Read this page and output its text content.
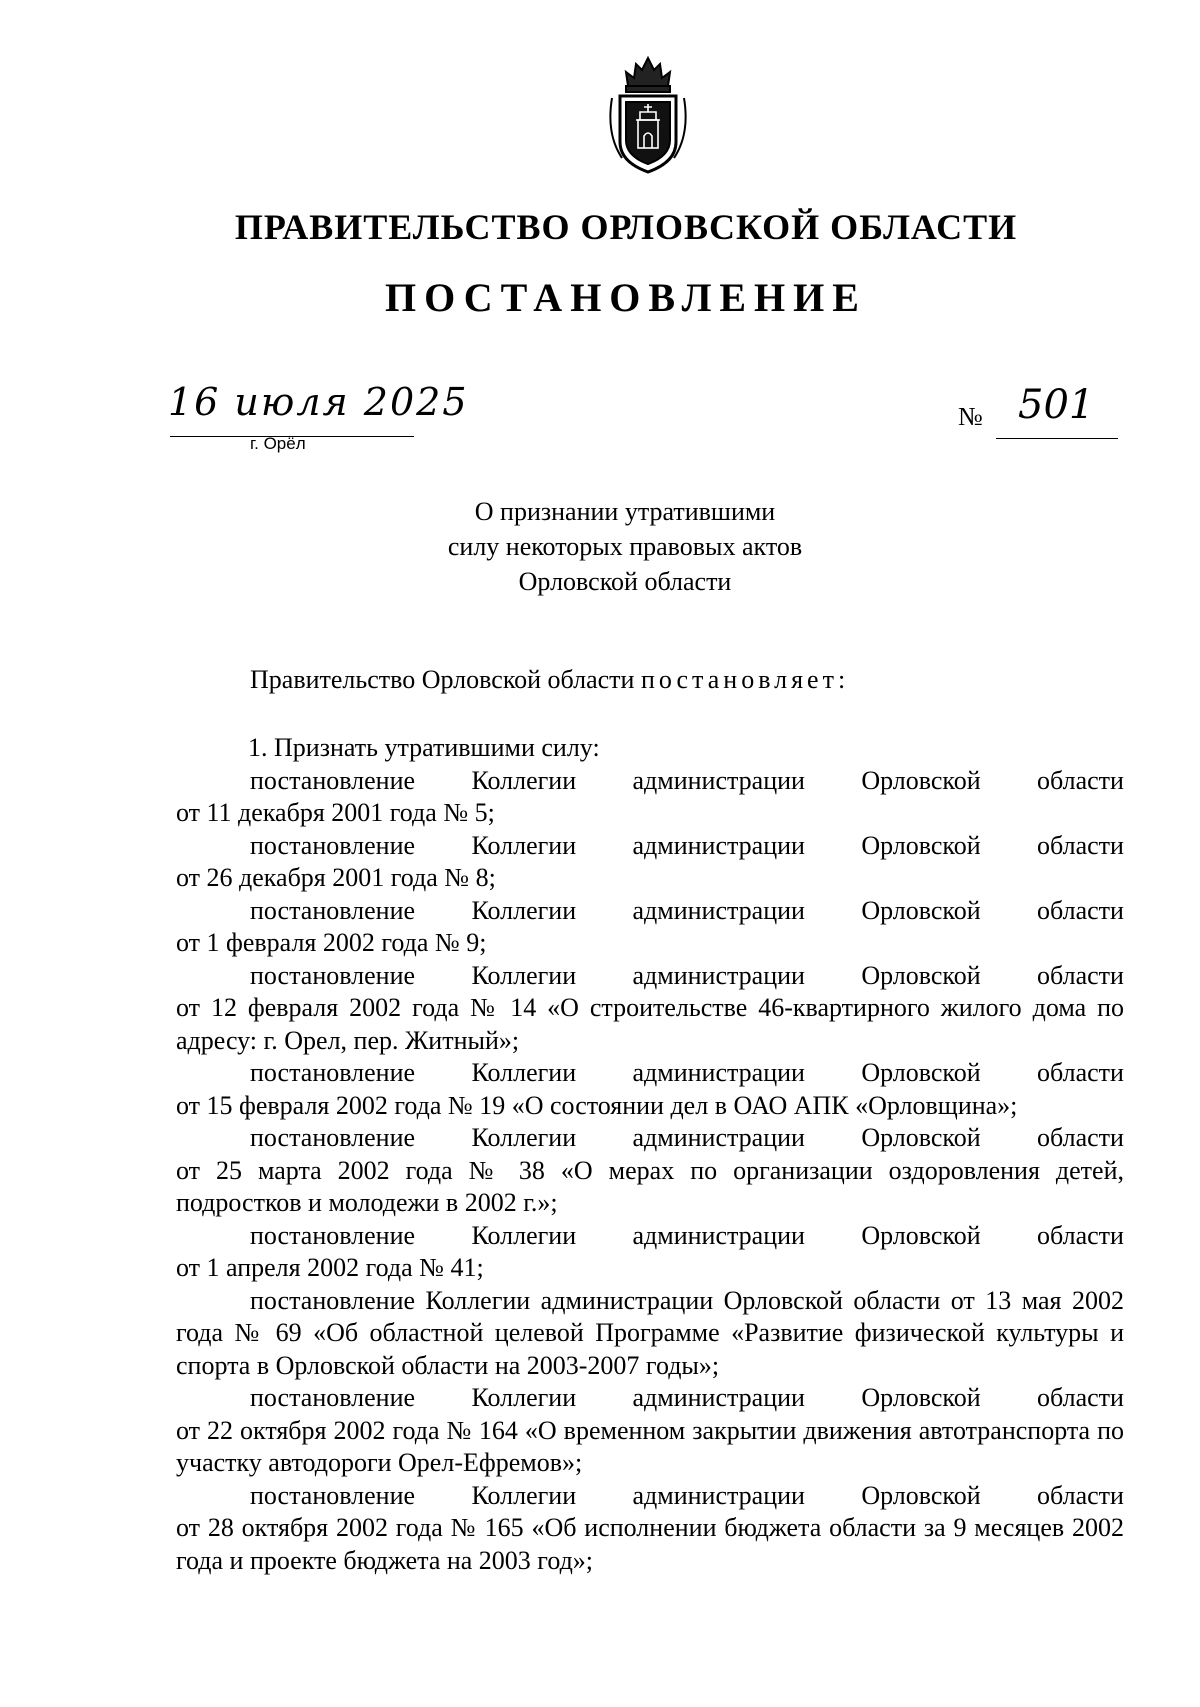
ПРАВИТЕЛЬСТВО ОРЛОВСКОЙ ОБЛАСТИ
ПОСТАНОВЛЕНИЕ
16 июля 2025
г. Орёл
№ 501
О признании утратившими
силу некоторых правовых актов
Орловской области
Правительство Орловской области постановляет:

1. Признать утратившими силу:

постановление Коллегии администрации Орловской области

от 11 декабря 2001 года № 5;

постановление Коллегии администрации Орловской области

от 26 декабря 2001 года № 8;

постановление Коллегии администрации Орловской области

от 1 февраля 2002 года № 9;

постановление Коллегии администрации Орловской области

от 12 февраля 2002 года № 14 «О строительстве 46-квартирного жилого дома по адресу: г. Орел, пер. Житный»;

постановление Коллегии администрации Орловской области

от 15 февраля 2002 года № 19 «О состоянии дел в ОАО АПК «Орловщина»;

постановление Коллегии администрации Орловской области

от 25 марта 2002 года № 38 «О мерах по организации оздоровления детей, подростков и молодежи в 2002 г.»;

постановление Коллегии администрации Орловской области

от 1 апреля 2002 года № 41;

постановление Коллегии администрации Орловской области от 13 мая 2002 года № 69 «Об областной целевой Программе «Развитие физической культуры и спорта в Орловской области на 2003-2007 годы»;

постановление Коллегии администрации Орловской области

от 22 октября 2002 года № 164 «О временном закрытии движения автотранспорта по участку автодороги Орел-Ефремов»;

постановление Коллегии администрации Орловской области

от 28 октября 2002 года № 165 «Об исполнении бюджета области за 9 месяцев 2002 года и проекте бюджета на 2003 год»;
